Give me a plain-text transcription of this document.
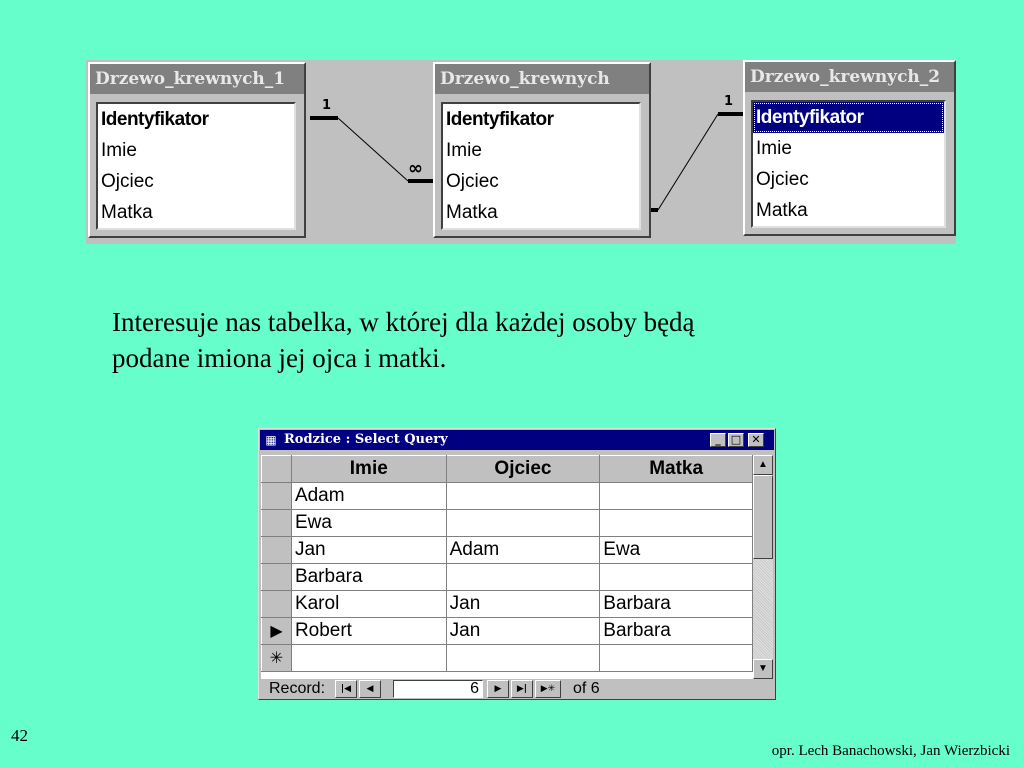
1
∞
1
Drzewo_krewnych_1
Identyfikator
Imie
Ojciec
Matka
Drzewo_krewnych
Identyfikator
Imie
Ojciec
Matka
Drzewo_krewnych_2
Identyfikator
Imie
Ojciec
Matka
Interesuje nas tabelka, w której dla każdej osoby będą
podane imiona jej ojca i matki.
▦ Rodzice : Select Query	_ □ ✕
	Imie	Ojciec	Matka
	Adam		
	Ewa		
	Jan	Adam	Ewa
	Barbara		
	Karol	Jan	Barbara
▶	Robert	Jan	Barbara
✳			
▲
▼
Record:	|◀	◀	6	▶	▶|	▶✳	of 6
42
opr. Lech Banachowski, Jan Wierzbicki
